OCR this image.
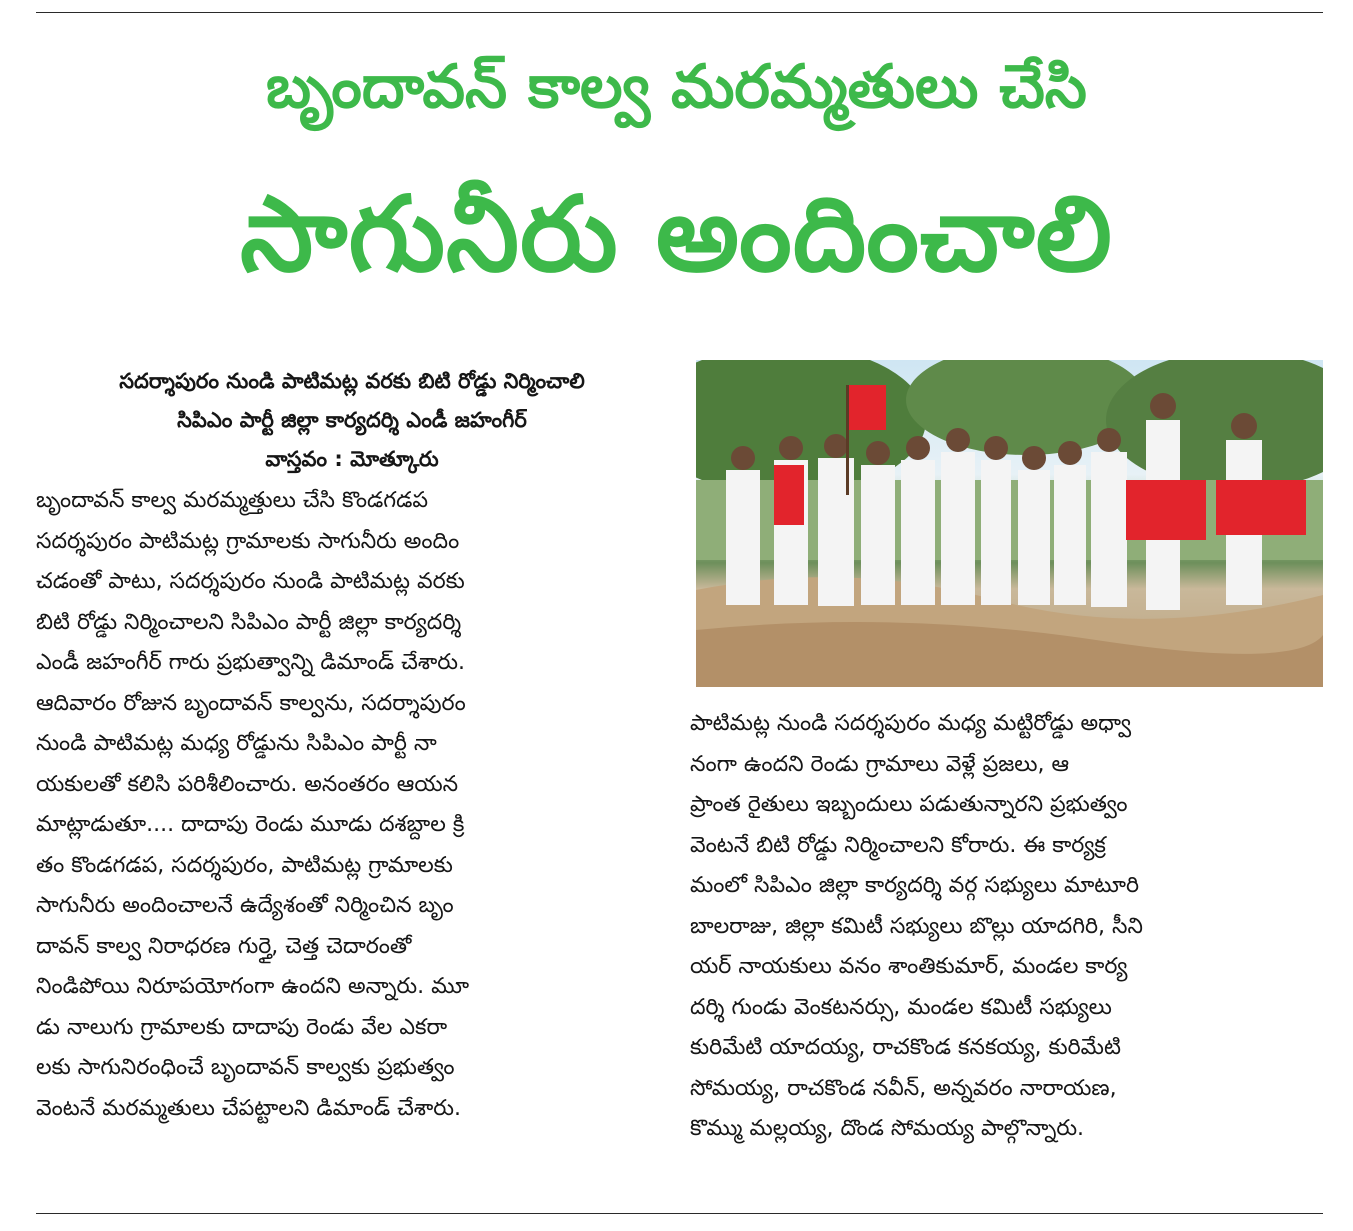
బృందావన్ కాల్వ మరమ్మతులు చేసి
సాగునీరు అందించాలి

సదర్శాపురం నుండి పాటిమట్ల వరకు బిటి రోడ్డు నిర్మించాలి

సిపిఎం పార్టీ జిల్లా కార్యదర్శి ఎండీ జహంగీర్

వాస్తవం : మోత్కూరు

బృందావన్ కాల్వ మరమ్మత్తులు చేసి కొండగడప
సదర్శపురం పాటిమట్ల గ్రామాలకు సాగునీరు అందిం
చడంతో పాటు, సదర్శపురం నుండి పాటిమట్ల వరకు
బిటి రోడ్డు నిర్మించాలని సిపిఎం పార్టీ జిల్లా కార్యదర్శి
ఎండీ జహంగీర్ గారు ప్రభుత్వాన్ని డిమాండ్ చేశారు.
ఆదివారం రోజున బృందావన్ కాల్వను, సదర్శాపురం
నుండి పాటిమట్ల మధ్య రోడ్డును సిపిఎం పార్టీ నా
యకులతో కలిసి పరిశీలించారు. అనంతరం ఆయన
మాట్లాడుతూ.... దాదాపు రెండు మూడు దశబ్దాల క్రి
తం కొండగడప, సదర్శపురం, పాటిమట్ల గ్రామాలకు
సాగునీరు అందించాలనే ఉద్యేశంతో నిర్మించిన బృం
దావన్ కాల్వ నిరాధరణ గుర్తై, చెత్త చెదారంతో
నిండిపోయి నిరూపయోగంగా ఉందని అన్నారు. మూ
డు నాలుగు గ్రామాలకు దాదాపు రెండు వేల ఎకరా
లకు సాగునిరంధించే బృందావన్ కాల్వకు ప్రభుత్వం
వెంటనే మరమ్మతులు చేపట్టాలని డిమాండ్ చేశారు.
పాటిమట్ల నుండి సదర్శపురం మధ్య మట్టిరోడ్డు అధ్వా
నంగా ఉందని రెండు గ్రామాలు వెళ్లే ప్రజలు, ఆ
ప్రాంత రైతులు ఇబ్బందులు పడుతున్నారని ప్రభుత్వం
వెంటనే బిటి రోడ్డు నిర్మించాలని కోరారు. ఈ కార్యక్ర
మంలో సిపిఎం జిల్లా కార్యదర్శి వర్గ సభ్యులు మాటూరి
బాలరాజు, జిల్లా కమిటీ సభ్యులు బొల్లు యాదగిరి, సీని
యర్ నాయకులు వనం శాంతికుమార్, మండల కార్య
దర్శి గుండు వెంకటనర్సు, మండల కమిటీ సభ్యులు
కురిమేటి యాదయ్య, రాచకొండ కనకయ్య, కురిమేటి
సోమయ్య, రాచకొండ నవీన్, అన్నవరం నారాయణ,
కొమ్ము మల్లయ్య, దొండ సోమయ్య పాల్గొన్నారు.
